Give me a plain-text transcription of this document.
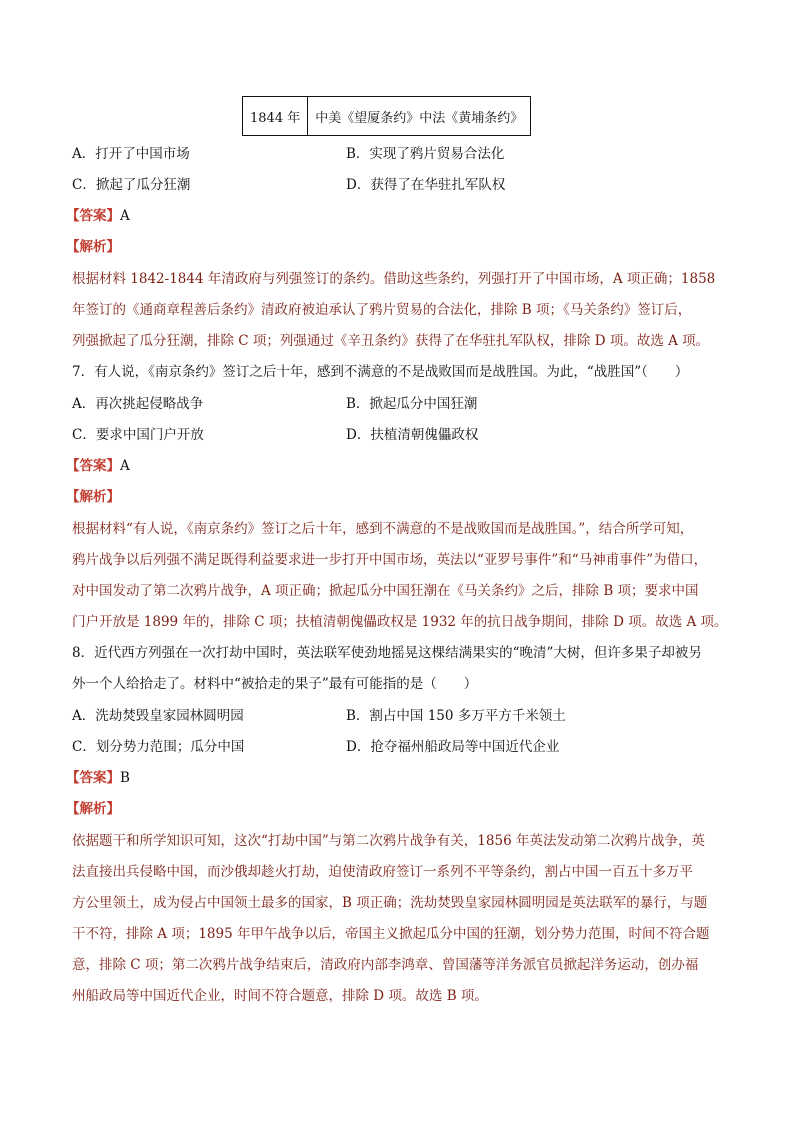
1844 年	中美《望厦条约》中法《黄埔条约》
A．打开了中国市场	B．实现了鸦片贸易合法化
C．掀起了瓜分狂潮	D．获得了在华驻扎军队权
【答案】A
【解析】
根据材料 1842-1844 年清政府与列强签订的条约。借助这些条约，列强打开了中国市场，A 项正确；1858
年签订的《通商章程善后条约》清政府被迫承认了鸦片贸易的合法化，排除 B 项；《马关条约》签订后，
列强掀起了瓜分狂潮，排除 C 项；列强通过《辛丑条约》获得了在华驻扎军队权，排除 D 项。故选 A 项。
7．有人说，《南京条约》签订之后十年，感到不满意的不是战败国而是战胜国。为此，“战胜国”（　　）
A．再次挑起侵略战争	B．掀起瓜分中国狂潮
C．要求中国门户开放	D．扶植清朝傀儡政权
【答案】A
【解析】
根据材料“有人说，《南京条约》签订之后十年，感到不满意的不是战败国而是战胜国。”，结合所学可知，
鸦片战争以后列强不满足既得利益要求进一步打开中国市场，英法以“亚罗号事件”和“马神甫事件”为借口，
对中国发动了第二次鸦片战争，A 项正确；掀起瓜分中国狂潮在《马关条约》之后，排除 B 项；要求中国
门户开放是 1899 年的，排除 C 项；扶植清朝傀儡政权是 1932 年的抗日战争期间，排除 D 项。故选 A 项。
8．近代西方列强在一次打劫中国时，英法联军使劲地摇晃这棵结满果实的“晚清”大树，但许多果子却被另
外一个人给拾走了。材料中“被拾走的果子”最有可能指的是（　　）
A．洗劫焚毁皇家园林圆明园	B．割占中国 150 多万平方千米领土
C．划分势力范围；瓜分中国	D．抢夺福州船政局等中国近代企业
【答案】B
【解析】
依据题干和所学知识可知，这次“打劫中国”与第二次鸦片战争有关，1856 年英法发动第二次鸦片战争，英
法直接出兵侵略中国，而沙俄却趁火打劫，迫使清政府签订一系列不平等条约，割占中国一百五十多万平
方公里领土，成为侵占中国领土最多的国家，B 项正确；洗劫焚毁皇家园林圆明园是英法联军的暴行，与题
干不符，排除 A 项；1895 年甲午战争以后，帝国主义掀起瓜分中国的狂潮，划分势力范围，时间不符合题
意，排除 C 项；第二次鸦片战争结束后，清政府内部李鸿章、曾国藩等洋务派官员掀起洋务运动，创办福
州船政局等中国近代企业，时间不符合题意，排除 D 项。故选 B 项。
